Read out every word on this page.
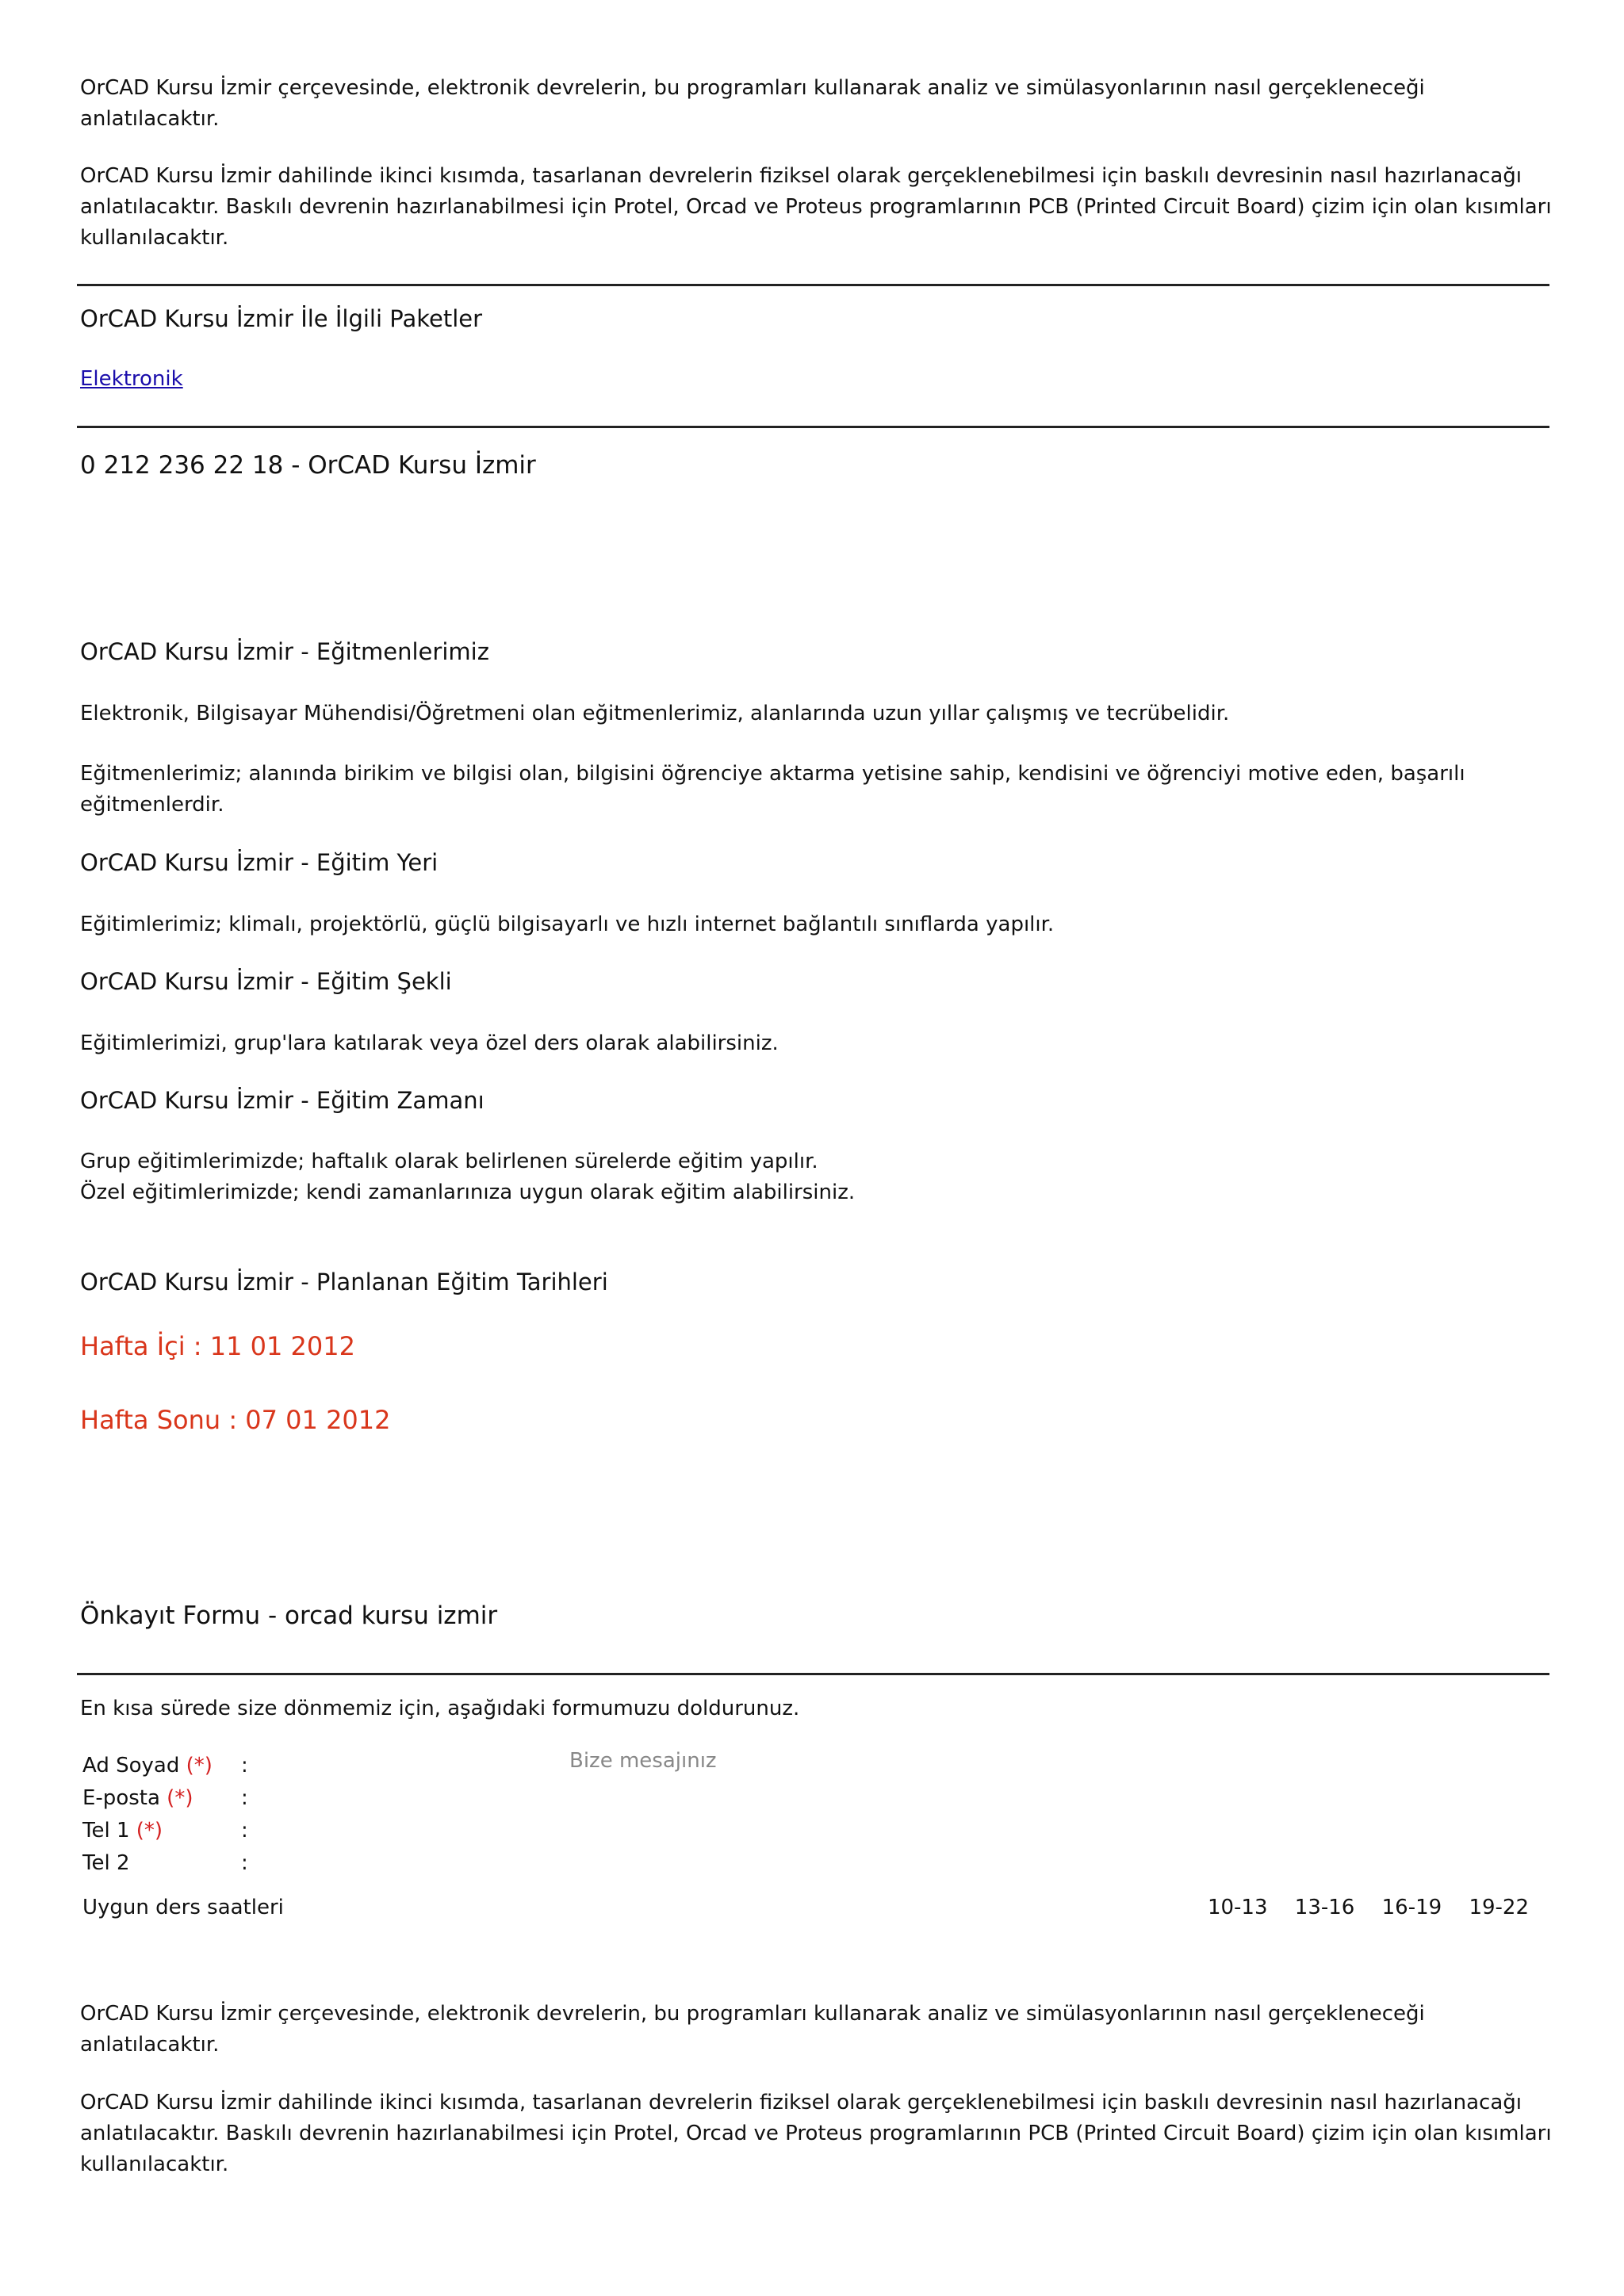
OrCAD Kursu İzmir çerçevesinde, elektronik devrelerin, bu programları kullanarak analiz ve simülasyonlarının nasıl gerçekleneceği anlatılacaktır.

OrCAD Kursu İzmir dahilinde ikinci kısımda, tasarlanan devrelerin fiziksel olarak gerçeklenebilmesi için baskılı devresinin nasıl hazırlanacağı anlatılacaktır. Baskılı devrenin hazırlanabilmesi için Protel, Orcad ve Proteus programlarının PCB (Printed Circuit Board) çizim için olan kısımları kullanılacaktır.

OrCAD Kursu İzmir İle İlgili Paketler
Elektronik
0 212 236 22 18 - OrCAD Kursu İzmir
OrCAD Kursu İzmir - Eğitmenlerimiz

Elektronik, Bilgisayar Mühendisi/Öğretmeni olan eğitmenlerimiz, alanlarında uzun yıllar çalışmış ve tecrübelidir.

Eğitmenlerimiz; alanında birikim ve bilgisi olan, bilgisini öğrenciye aktarma yetisine sahip, kendisini ve öğrenciyi motive eden, başarılı eğitmenlerdir.

OrCAD Kursu İzmir - Eğitim Yeri

Eğitimlerimiz; klimalı, projektörlü, güçlü bilgisayarlı ve hızlı internet bağlantılı sınıflarda yapılır.

OrCAD Kursu İzmir - Eğitim Şekli

Eğitimlerimizi, grup'lara katılarak veya özel ders olarak alabilirsiniz.

OrCAD Kursu İzmir - Eğitim Zamanı

Grup eğitimlerimizde; haftalık olarak belirlenen sürelerde eğitim yapılır.

Özel eğitimlerimizde; kendi zamanlarınıza uygun olarak eğitim alabilirsiniz.

OrCAD Kursu İzmir - Planlanan Eğitim Tarihleri

Hafta İçi : 11 01 2012

Hafta Sonu : 07 01 2012

Önkayıt Formu - orcad kursu izmir

En kısa sürede size dönmemiz için, aşağıdaki formumuzu doldurunuz.

Ad Soyad (*) :
E-posta (*) :
Tel 1 (*)	:
Tel 2	:
Bize mesajınız
Uygun ders saatleri	10-13 13-16 16-19 19-22

OrCAD Kursu İzmir çerçevesinde, elektronik devrelerin, bu programları kullanarak analiz ve simülasyonlarının nasıl gerçekleneceği anlatılacaktır.

OrCAD Kursu İzmir dahilinde ikinci kısımda, tasarlanan devrelerin fiziksel olarak gerçeklenebilmesi için baskılı devresinin nasıl hazırlanacağı anlatılacaktır. Baskılı devrenin hazırlanabilmesi için Protel, Orcad ve Proteus programlarının PCB (Printed Circuit Board) çizim için olan kısımları kullanılacaktır.
